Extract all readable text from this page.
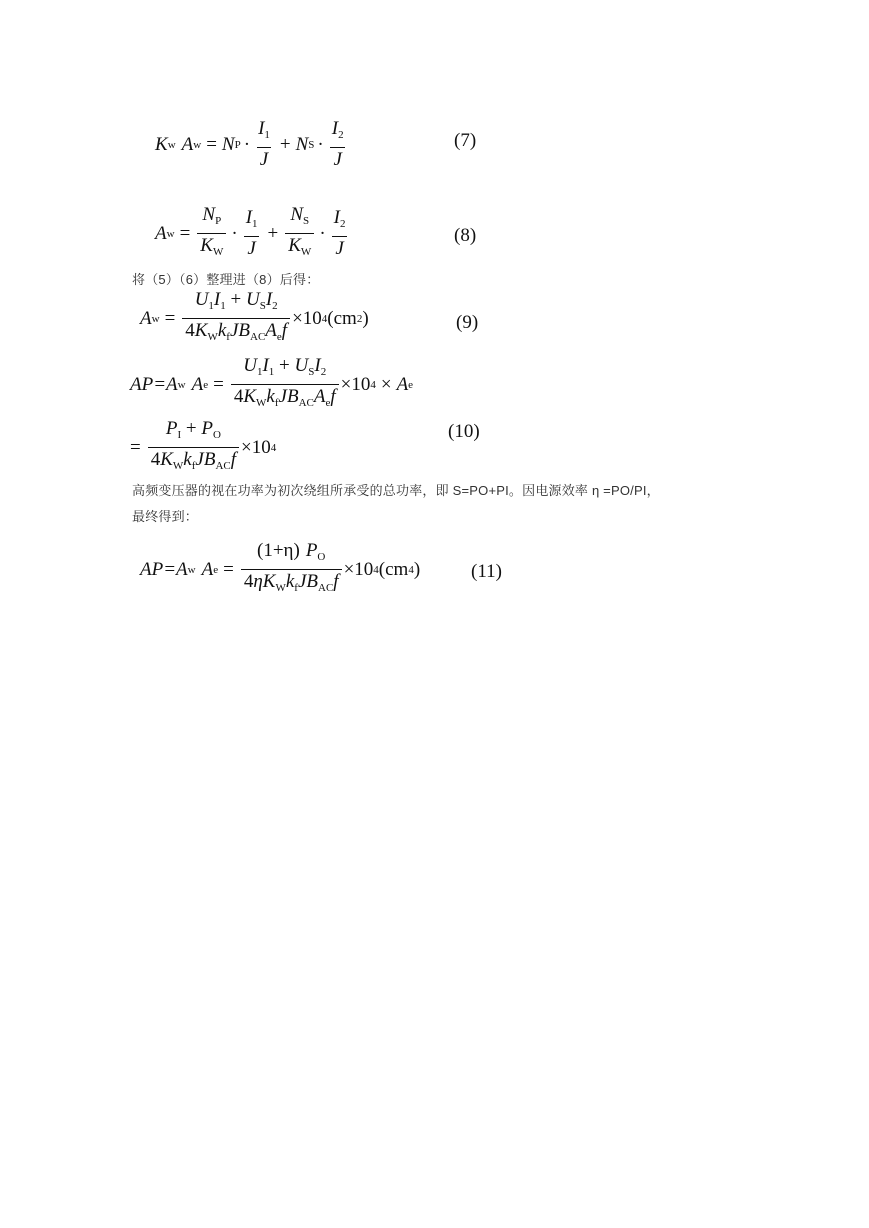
K w A w = N $P \cdot \frac{I_1}{J} + N$ $S \cdot \frac{I_2}{J}$	(7)
A $w = \frac{N_P}{K_W} \cdot \frac{I_1}{J} + \frac{N_S}{K_W} \cdot \frac{I_2}{J}$	(8)
将（5）（6）整理进（8）后得：
A $w = \frac{U_1I_1 + U_SI_2}{4K_Wk_fJB_{AC}A_ef} \times 10$ 4 (cm 2 )	(9)
AP= A w A $e = \frac{U_1I_1 + U_SI_2}{4K_Wk_fJB_{AC}A_ef} \times 10$ 4 × A e
= $\frac{P_I + P_O}{4K_Wk_fJB_{AC}f} \times 10$ 4
(10)
高频变压器的视在功率为初次绕组所承受的总功率，即 S=PO+PI。因电源效率 η =PO/PI，
最终得到：
AP= A w A $e = \frac{(1+\eta) P_O}{4\eta K_Wk_fJB_{AC}f} \times 10$ 4 (cm 4 )	(11)
